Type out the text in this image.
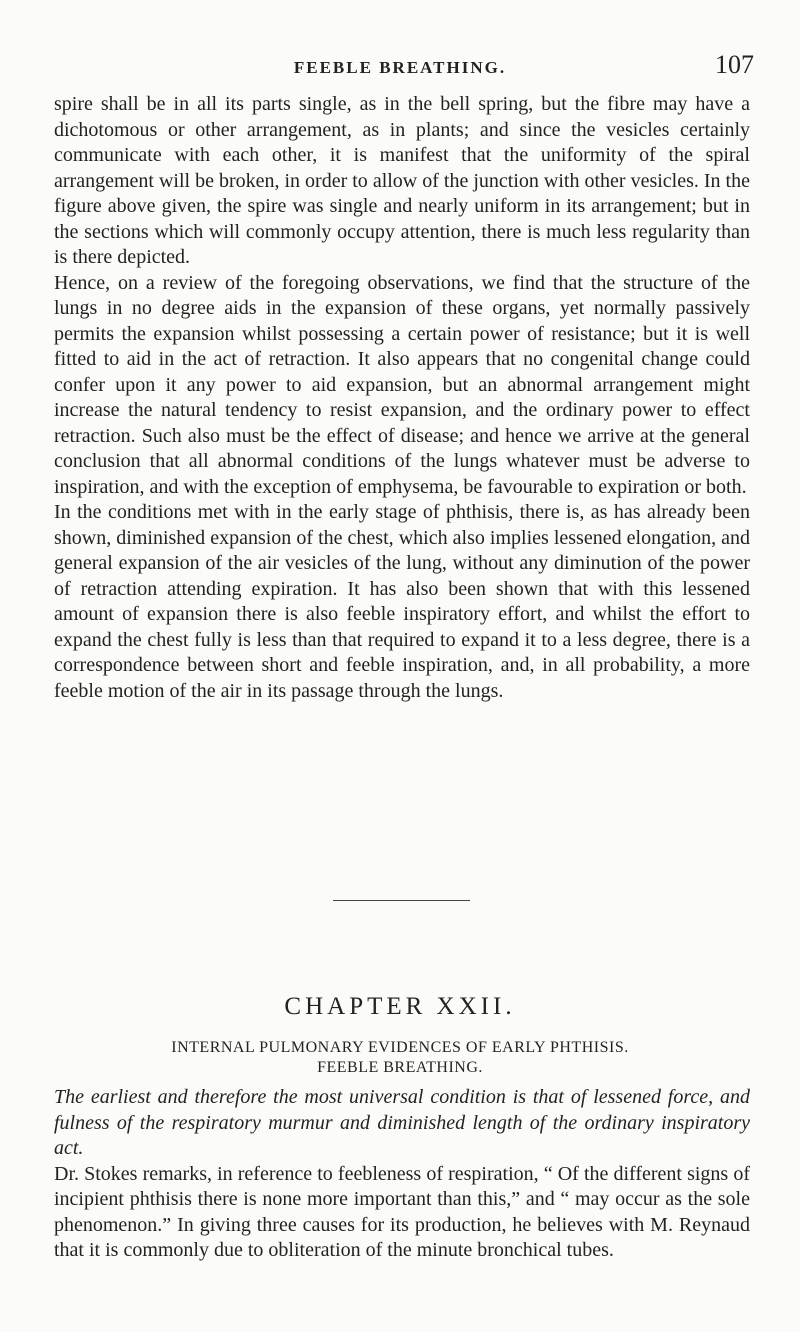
FEEBLE BREATHING.	107

spire shall be in all its parts single, as in the bell spring, but the fibre may have a dichotomous or other arrangement, as in plants; and since the vesicles certainly communicate with each other, it is manifest that the uniformity of the spiral arrangement will be broken, in order to allow of the junction with other vesicles. In the figure above given, the spire was single and nearly uniform in its arrangement; but in the sections which will commonly occupy attention, there is much less regularity than is there depicted.

Hence, on a review of the foregoing observations, we find that the structure of the lungs in no degree aids in the expansion of these organs, yet normally passively permits the expansion whilst possessing a certain power of resistance; but it is well fitted to aid in the act of retraction. It also appears that no congenital change could confer upon it any power to aid expansion, but an abnormal arrangement might increase the natural tendency to resist expansion, and the ordinary power to effect retraction. Such also must be the effect of disease; and hence we arrive at the general conclusion that all abnormal conditions of the lungs whatever must be adverse to inspiration, and with the exception of emphysema, be favourable to expiration or both.

In the conditions met with in the early stage of phthisis, there is, as has already been shown, diminished expansion of the chest, which also implies lessened elongation, and general expansion of the air vesicles of the lung, without any diminution of the power of retraction attending expiration. It has also been shown that with this lessened amount of expansion there is also feeble inspiratory effort, and whilst the effort to expand the chest fully is less than that required to expand it to a less degree, there is a correspondence between short and feeble inspiration, and, in all probability, a more feeble motion of the air in its passage through the lungs.

CHAPTER XXII.
INTERNAL PULMONARY EVIDENCES OF EARLY PHTHISIS.
FEEBLE BREATHING.

The earliest and therefore the most universal condition is that of lessened force, and fulness of the respiratory murmur and diminished length of the ordinary inspiratory act.

Dr. Stokes remarks, in reference to feebleness of respiration, “ Of the different signs of incipient phthisis there is none more important than this,” and “ may occur as the sole phenomenon.” In giving three causes for its production, he believes with M. Reynaud that it is commonly due to obliteration of the minute bronchical tubes.
